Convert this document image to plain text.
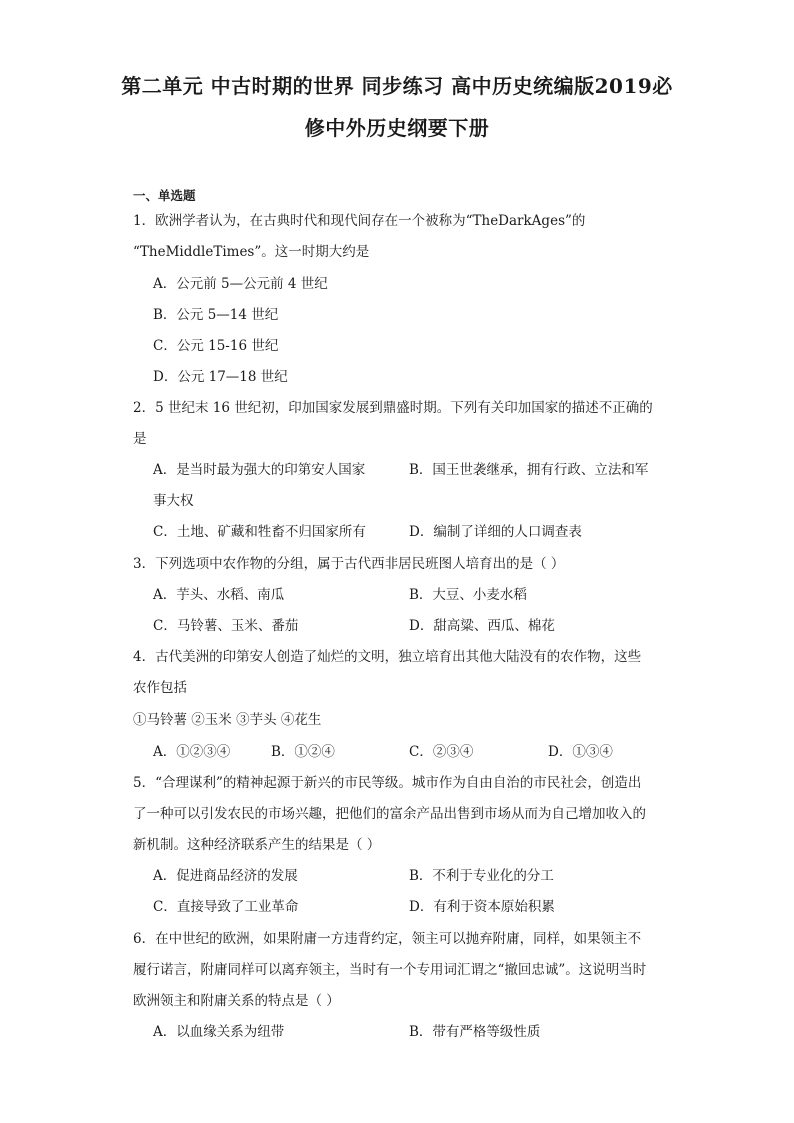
第二单元 中古时期的世界 同步练习 高中历史统编版2019必
修中外历史纲要下册
一、单选题
1．欧洲学者认为，在古典时代和现代间存在一个被称为“TheDarkAges”的
“TheMiddleTimes”。这一时期大约是
A．公元前 5—公元前 4 世纪
B．公元 5—14 世纪
C．公元 15-16 世纪
D．公元 17—18 世纪
2．5 世纪末 16 世纪初，印加国家发展到鼎盛时期。下列有关印加国家的描述不正确的
是
A．是当时最为强大的印第安人国家	B．国王世袭继承，拥有行政、立法和军
事大权
C．土地、矿藏和牲畜不归国家所有	D．编制了详细的人口调查表
3．下列选项中农作物的分组，属于古代西非居民班图人培育出的是（ ）
A．芋头、水稻、南瓜	B．大豆、小麦水稻
C．马铃薯、玉米、番茄	D．甜高粱、西瓜、棉花
4．古代美洲的印第安人创造了灿烂的文明，独立培育出其他大陆没有的农作物，这些
农作包括
①马铃薯 ②玉米 ③芋头 ④花生
A．①②③④	B．①②④	C．②③④	D．①③④
5．“合理谋利”的精神起源于新兴的市民等级。城市作为自由自治的市民社会，创造出
了一种可以引发农民的市场兴趣，把他们的富余产品出售到市场从而为自己增加收入的
新机制。这种经济联系产生的结果是（ ）
A．促进商品经济的发展	B．不利于专业化的分工
C．直接导致了工业革命	D．有利于资本原始积累
6．在中世纪的欧洲，如果附庸一方违背约定，领主可以抛弃附庸，同样，如果领主不
履行诺言，附庸同样可以离弃领主，当时有一个专用词汇谓之“撤回忠诚”。这说明当时
欧洲领主和附庸关系的特点是（ ）
A．以血缘关系为纽带	B．带有严格等级性质
